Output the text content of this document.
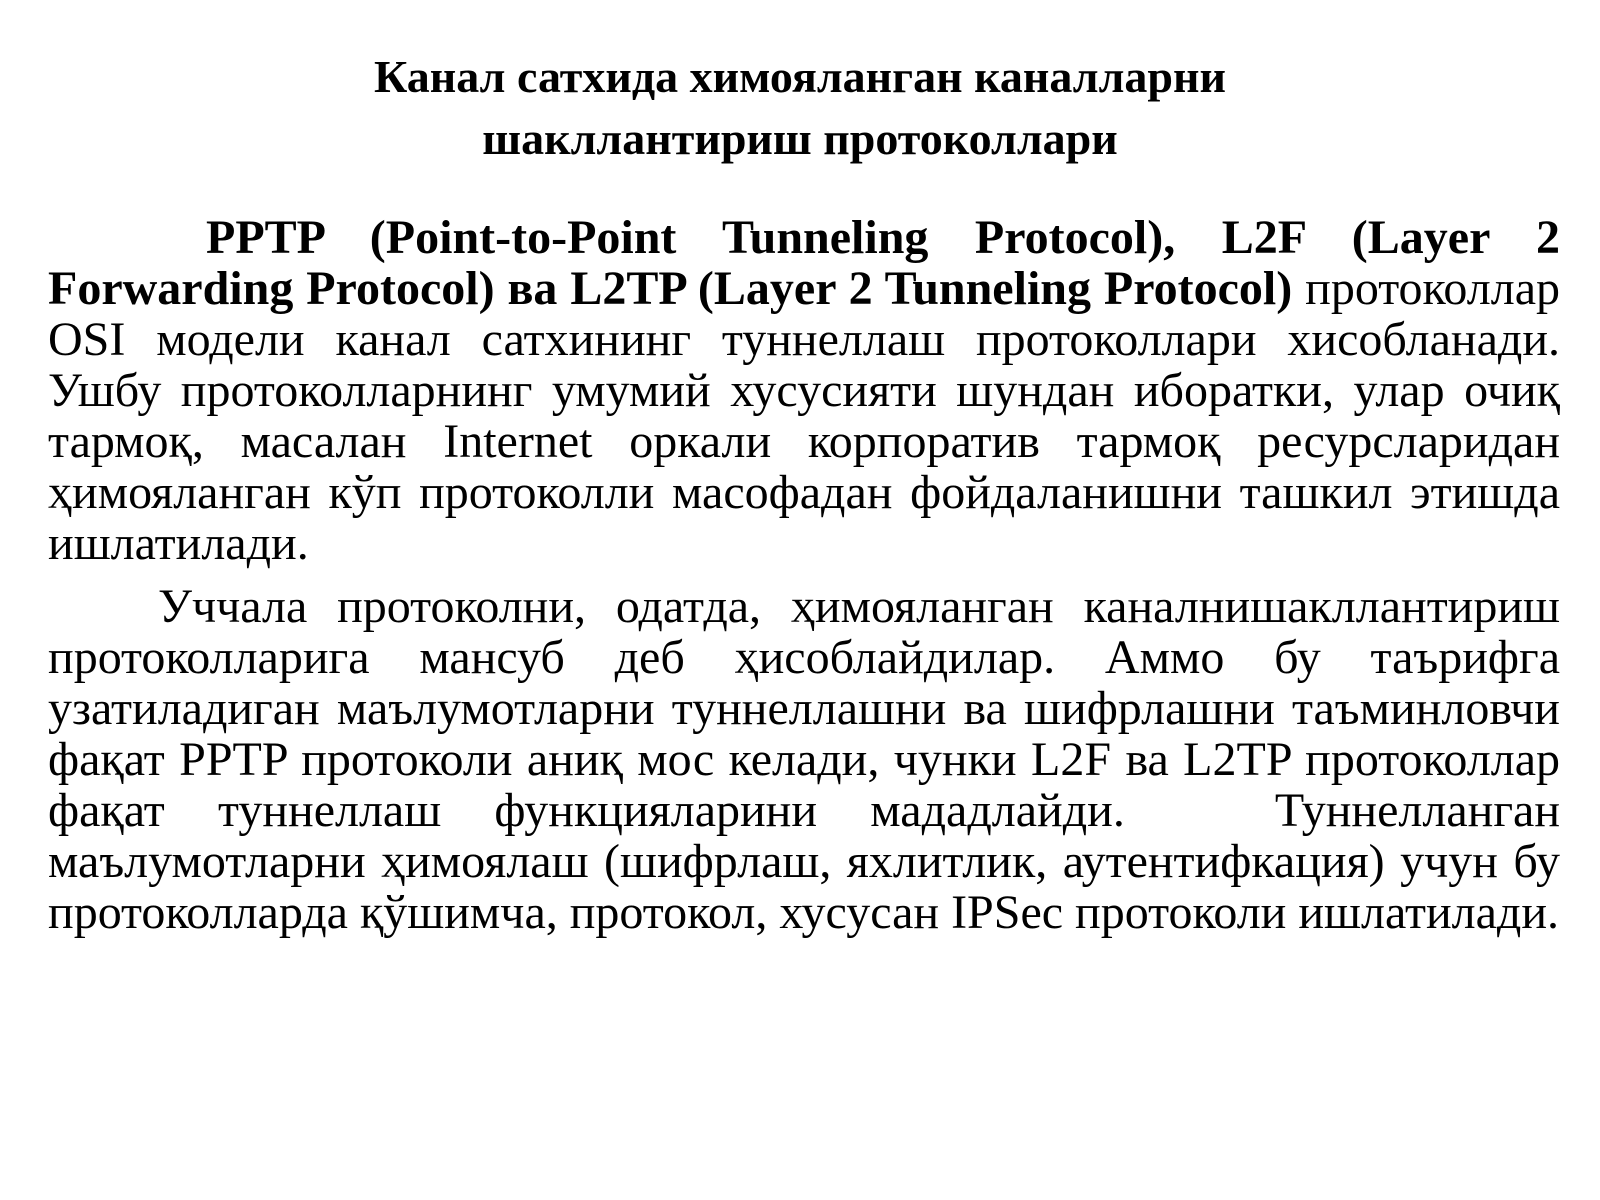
Канал сатхида химояланган каналларни
шакллантириш протоколлари

PPTP (Point-to-Point Tunneling Protocol), L2F (Layer 2 Forwarding Protocol) ва L2TP (Layer 2 Tunneling Protocol) протоколлар OSI модели канал сатхининг туннеллаш протоколлари хисобланади. Ушбу протоколларнинг умумий хусусияти шундан иборатки, улар очиқ тармоқ, масалан Internet оркали корпоратив тармоқ ресурсларидан ҳимояланган кўп протоколли масофадан фойдаланишни ташкил этишда ишлатилади.

Уччала протоколни, одатда, ҳимояланган каналнишакллантириш протоколларига мансуб деб ҳисоблайдилар. Аммо бу таърифга узатиладиган маълумотларни туннеллашни ва шифрлашни таъминловчи фақат PPTP протоколи аниқ мос келади, чунки L2F ва L2TP протоколлар фақат туннеллаш функцияларини мададлайди.	Туннелланган маълумотларни ҳимоялаш (шифрлаш, яхлитлик, аутентифкация) учун бу протоколларда қўшимча, протокол, хусусан IPSec протоколи ишлатилади.
